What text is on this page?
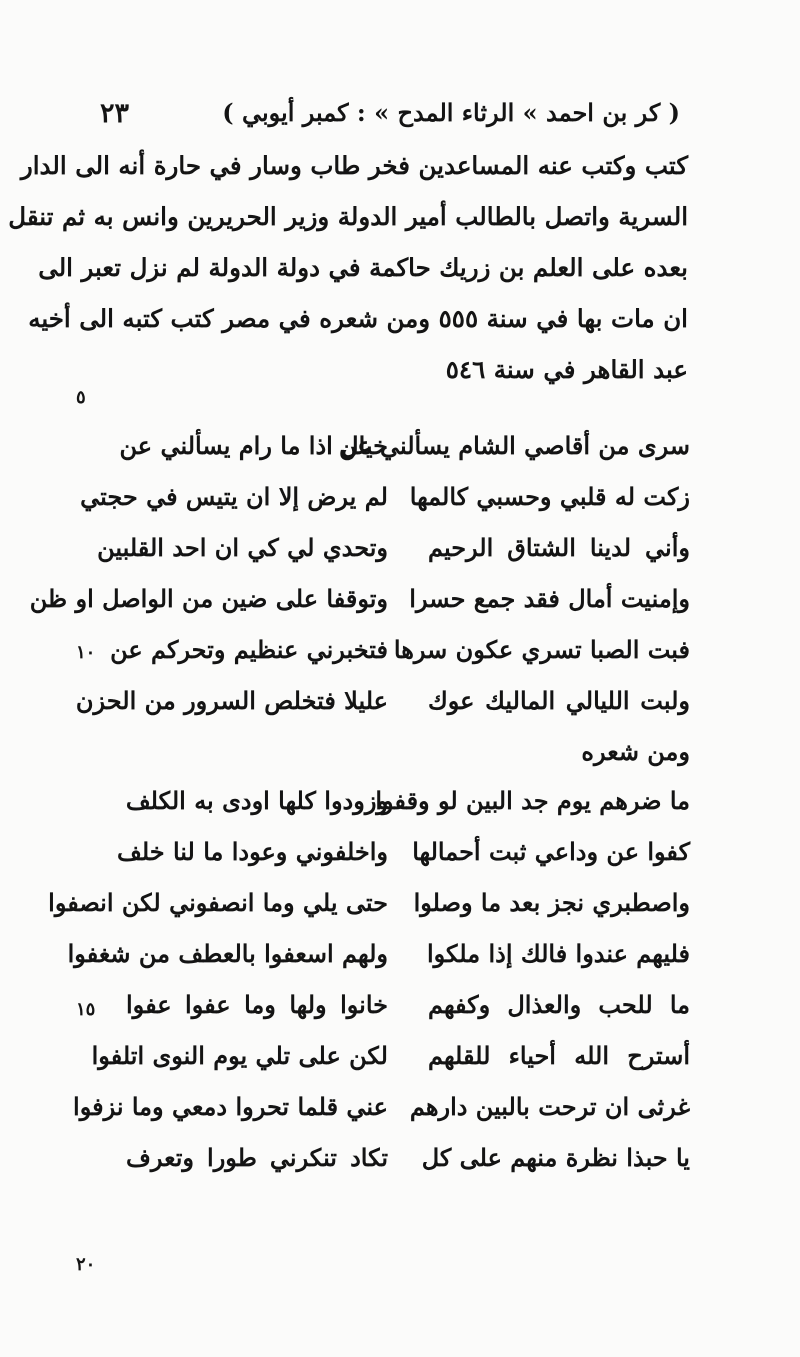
٢٣	( كر بن احمد » الرثاء المدح » : كمبر أيوبي )
كتب وكتب عنه المساعدين فخر طاب وسار في حارة أنه الى الدار
السرية واتصل بالطالب أمير الدولة وزير الحريرين وانس به ثم تنقل
بعده على العلم بن زريك حاكمة في دولة الدولة لم نزل تعبر الى
ان مات بها في سنة ٥٥٥ ومن شعره في مصر كتب كتبه الى أخيه
عبد القاهر في سنة ٥٤٦
٥
١٠
١٥
٢٠
سرى من أقاصي الشام يسألني عن
زكت له قلبي وحسبي كالمها
وأني لدينا الشتاق الرحيم
وإمنيت أمال فقد جمع حسرا
فبت الصبا تسري عكون سرها
ولبت الليالي الماليك عوك
ومن شعره
خيال اذا ما رام يسألني عن
لم يرض إلا ان يتيس في حجتي
وتحدي لي كي ان احد القلبين
وتوقفا على ضين من الواصل او ظن
فتخبرني عنظيم وتحركم عن
عليلا فتخلص السرور من الحزن
ما ضرهم يوم جد البين لو وقفوا
كفوا عن وداعي ثبت أحمالها
واصطبري نجز بعد ما وصلوا
فليهم عندوا فالك إذا ملكوا
ما للحب والعذال وكفهم
أسترح الله أحياء للقلهم
غرثى ان ترحت بالبين دارهم
يا حبذا نظرة منهم على كل
وزودوا كلها اودى به الكلف
واخلفوني وعودا ما لنا خلف
حتى يلي وما انصفوني لكن انصفوا
ولهم اسعفوا بالعطف من شغفوا
خانوا ولها وما عفوا عفوا
لكن على تلي يوم النوى اتلفوا
عني قلما تحروا دمعي وما نزفوا
تكاد تنكرني طورا وتعرف
